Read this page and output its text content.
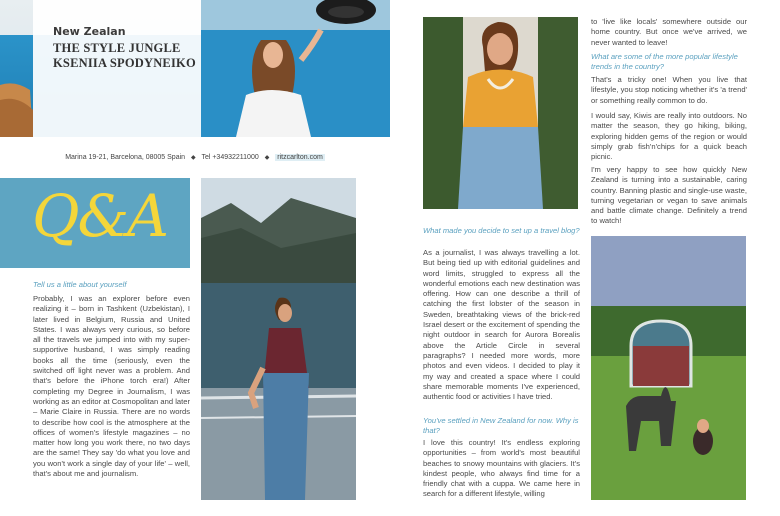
New Zealan
THE STYLE JUNGLE
KSENIIA SPODYNEIKO
Marina 19-21, Barcelona, 08005 Spain ◆ Tel +34932211000 ◆ ritzcarlton.com
Q&A
Tell us a little about yourself
Probably, I was an explorer before even realizing it – born in Tashkent (Uzbekistan), I later lived in Belgium, Russia and United States. I was always very curious, so before all the travels we jumped into with my super-supportive husband, I was simply reading books all the time (seriously, even the switched off light never was a problem. And that's before the iPhone torch era!) After completing my Degree in Journalism, I was working as an editor at Cosmopolitan and later – Marie Claire in Russia. There are no words to describe how cool is the atmosphere at the offices of women's lifestyle magazines – no matter how long you work there, no two days are the same! They say 'do what you love and you won't work a single day of your life' – well, that's about me and journalism.
What made you decide to set up a travel blog?
As a journalist, I was always travelling a lot. But being tied up with editorial guidelines and word limits, struggled to express all the wonderful emotions each new destination was offering. How can one describe a thrill of catching the first lobster of the season in Sweden, breathtaking views of the brick-red Israel desert or the excitement of spending the night outdoor in search for Aurora Borealis above the Article Circle in several paragraphs? I needed more words, more photos and even videos. I decided to play it my way and created a space where I could share memorable moments I've experienced, authentic food or activities I have tried.
You've settled in New Zealand for now. Why is that?
I love this country! It's endless exploring opportunities – from world's most beautiful beaches to snowy mountains with glaciers. It's kindest people, who always find time for a friendly chat with a cuppa. We came here in search for a different lifestyle, willing
to 'live like locals' somewhere outside our home country. But once we've arrived, we never wanted to leave!
What are some of the more popular lifestyle trends in the country?
That's a tricky one! When you live that lifestyle, you stop noticing whether it's 'a trend' or something really common to do.
I would say, Kiwis are really into outdoors. No matter the season, they go hiking, biking, exploring hidden gems of the region or would simply grab fish'n'chips for a quick beach picnic.
I'm very happy to see how quickly New Zealand is turning into a sustainable, caring country. Banning plastic and single-use waste, turning vegetarian or vegan to save animals and battle climate change. Definitely a trend to watch!
